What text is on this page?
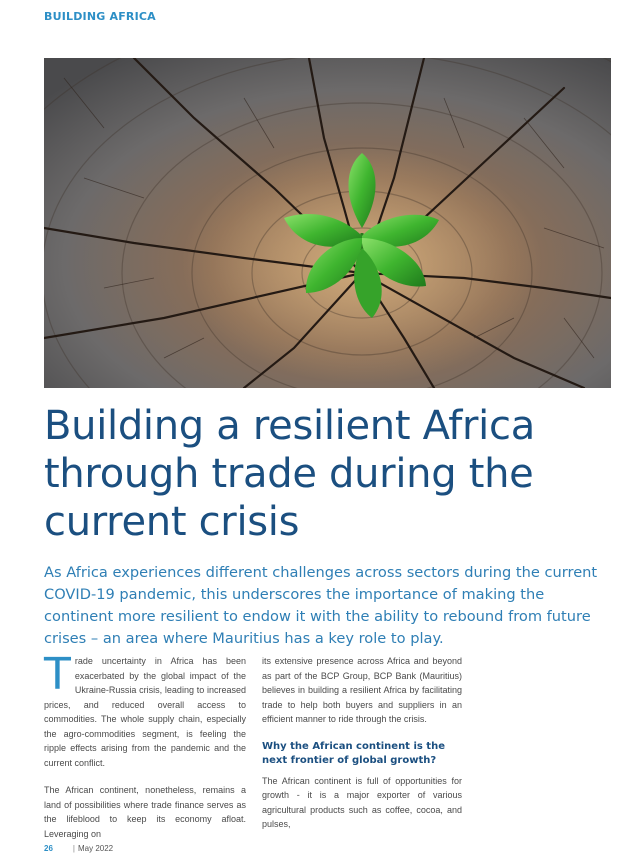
BUILDING AFRICA
Building a resilient Africa through trade during the current crisis

As Africa experiences different challenges across sectors during the current COVID-19 pandemic, this underscores the importance of making the continent more resilient to endow it with the ability to rebound from future crises – an area where Mauritius has a key role to play.

Trade uncertainty in Africa has been exacerbated by the global impact of the Ukraine-Russia crisis, leading to increased prices, and reduced overall access to commodities. The whole supply chain, especially the agro-commodities segment, is feeling the ripple effects arising from the pandemic and the current conflict.

The African continent, nonetheless, remains a land of possibilities where trade finance serves as the lifeblood to keep its economy afloat. Leveraging on

its extensive presence across Africa and beyond as part of the BCP Group, BCP Bank (Mauritius) believes in building a resilient Africa by facilitating trade to help both buyers and suppliers in an efficient manner to ride through the crisis.

Why the African continent is the next frontier of global growth?

The African continent is full of opportunities for growth - it is a major exporter of various agricultural products such as coffee, cocoa, and pulses,

26	| May 2022
